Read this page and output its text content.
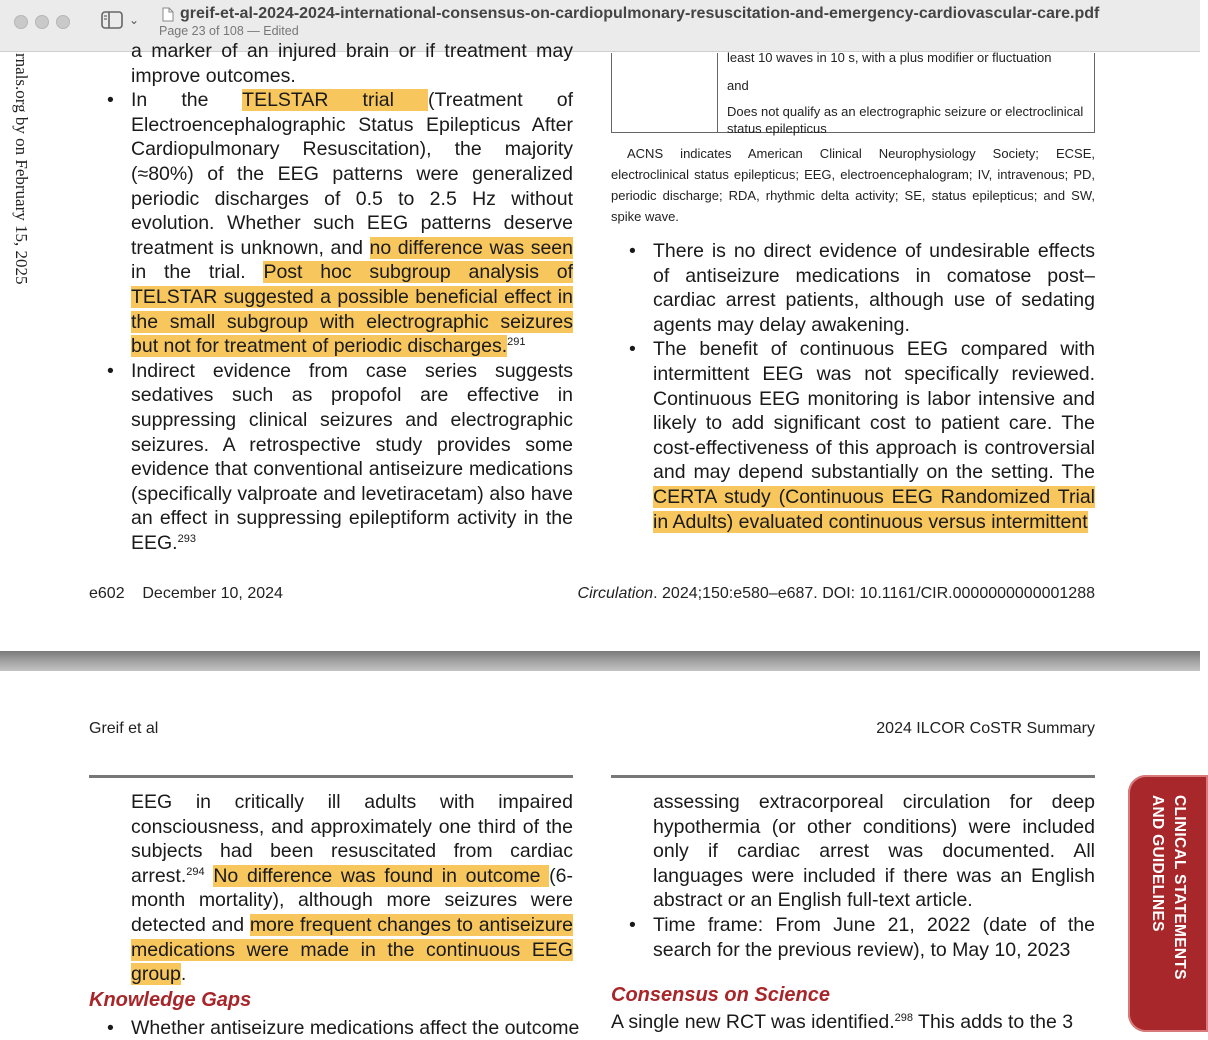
⌄	greif-et-al-2024-2024-international-consensus-on-cardiopulmonary-resuscitation-and-emergency-cardiovascular-care.pdf
Page 23 of 108 — Edited
rnals.org by on February 15, 2025

a marker of an injured brain or if treatment may improve outcomes.

• In the TELSTAR trial (Treatment of Electroencephalographic Status Epilepticus After Cardiopulmonary Resuscitation), the majority (≈80%) of the EEG patterns were generalized periodic discharges of 0.5 to 2.5 Hz without evolution. Whether such EEG patterns deserve treatment is unknown, and no difference was seen in the trial. Post hoc subgroup analysis of TELSTAR suggested a possible beneficial effect in the small subgroup with electrographic seizures but not for treatment of periodic discharges.$^{291}$
• Indirect evidence from case series suggests sedatives such as propofol are effective in suppressing clinical seizures and electrographic seizures. A retrospective study provides some evidence that conventional antiseizure medications (specifically valproate and levetiracetam) also have an effect in suppressing epileptiform activity in the EEG.$^{293}$
least 10 waves in 10 s, with a plus modifier or fluctuation
and
Does not qualify as an electrographic seizure or electroclinical status epilepticus

ACNS indicates American Clinical Neurophysiology Society; ECSE, electroclinical status epilepticus; EEG, electroencephalogram; IV, intravenous; PD, periodic discharge; RDA, rhythmic delta activity; SE, status epilepticus; and SW, spike wave.

• There is no direct evidence of undesirable effects of antiseizure medications in comatose post–cardiac arrest patients, although use of sedating agents may delay awakening.
• The benefit of continuous EEG compared with intermittent EEG was not specifically reviewed. Continuous EEG monitoring is labor intensive and likely to add significant cost to patient care. The cost-effectiveness of this approach is controversial and may depend substantially on the setting. The CERTA study (Continuous EEG Randomized Trial in Adults) evaluated continuous versus intermittent
e602    December 10, 2024	Circulation. 2024;150:e580–e687. DOI: 10.1161/CIR.0000000000001288
Greif et al	2024 ILCOR CoSTR Summary

EEG in critically ill adults with impaired consciousness, and approximately one third of the subjects had been resuscitated from cardiac arrest.$^{294}$ No difference was found in outcome (6-month mortality), although more seizures were detected and more frequent changes to antiseizure medications were made in the continuous EEG group.

assessing extracorporeal circulation for deep hypothermia (or other conditions) were included only if cardiac arrest was documented. All languages were included if there was an English abstract or an English full-text article.

• Time frame: From June 21, 2022 (date of the search for the previous review), to May 10, 2023
Knowledge Gaps
• Whether antiseizure medications affect the outcome
Consensus on Science
A single new RCT was identified.$^{298}$ This adds to the 3
CLINICAL STATEMENTS
AND GUIDELINES
